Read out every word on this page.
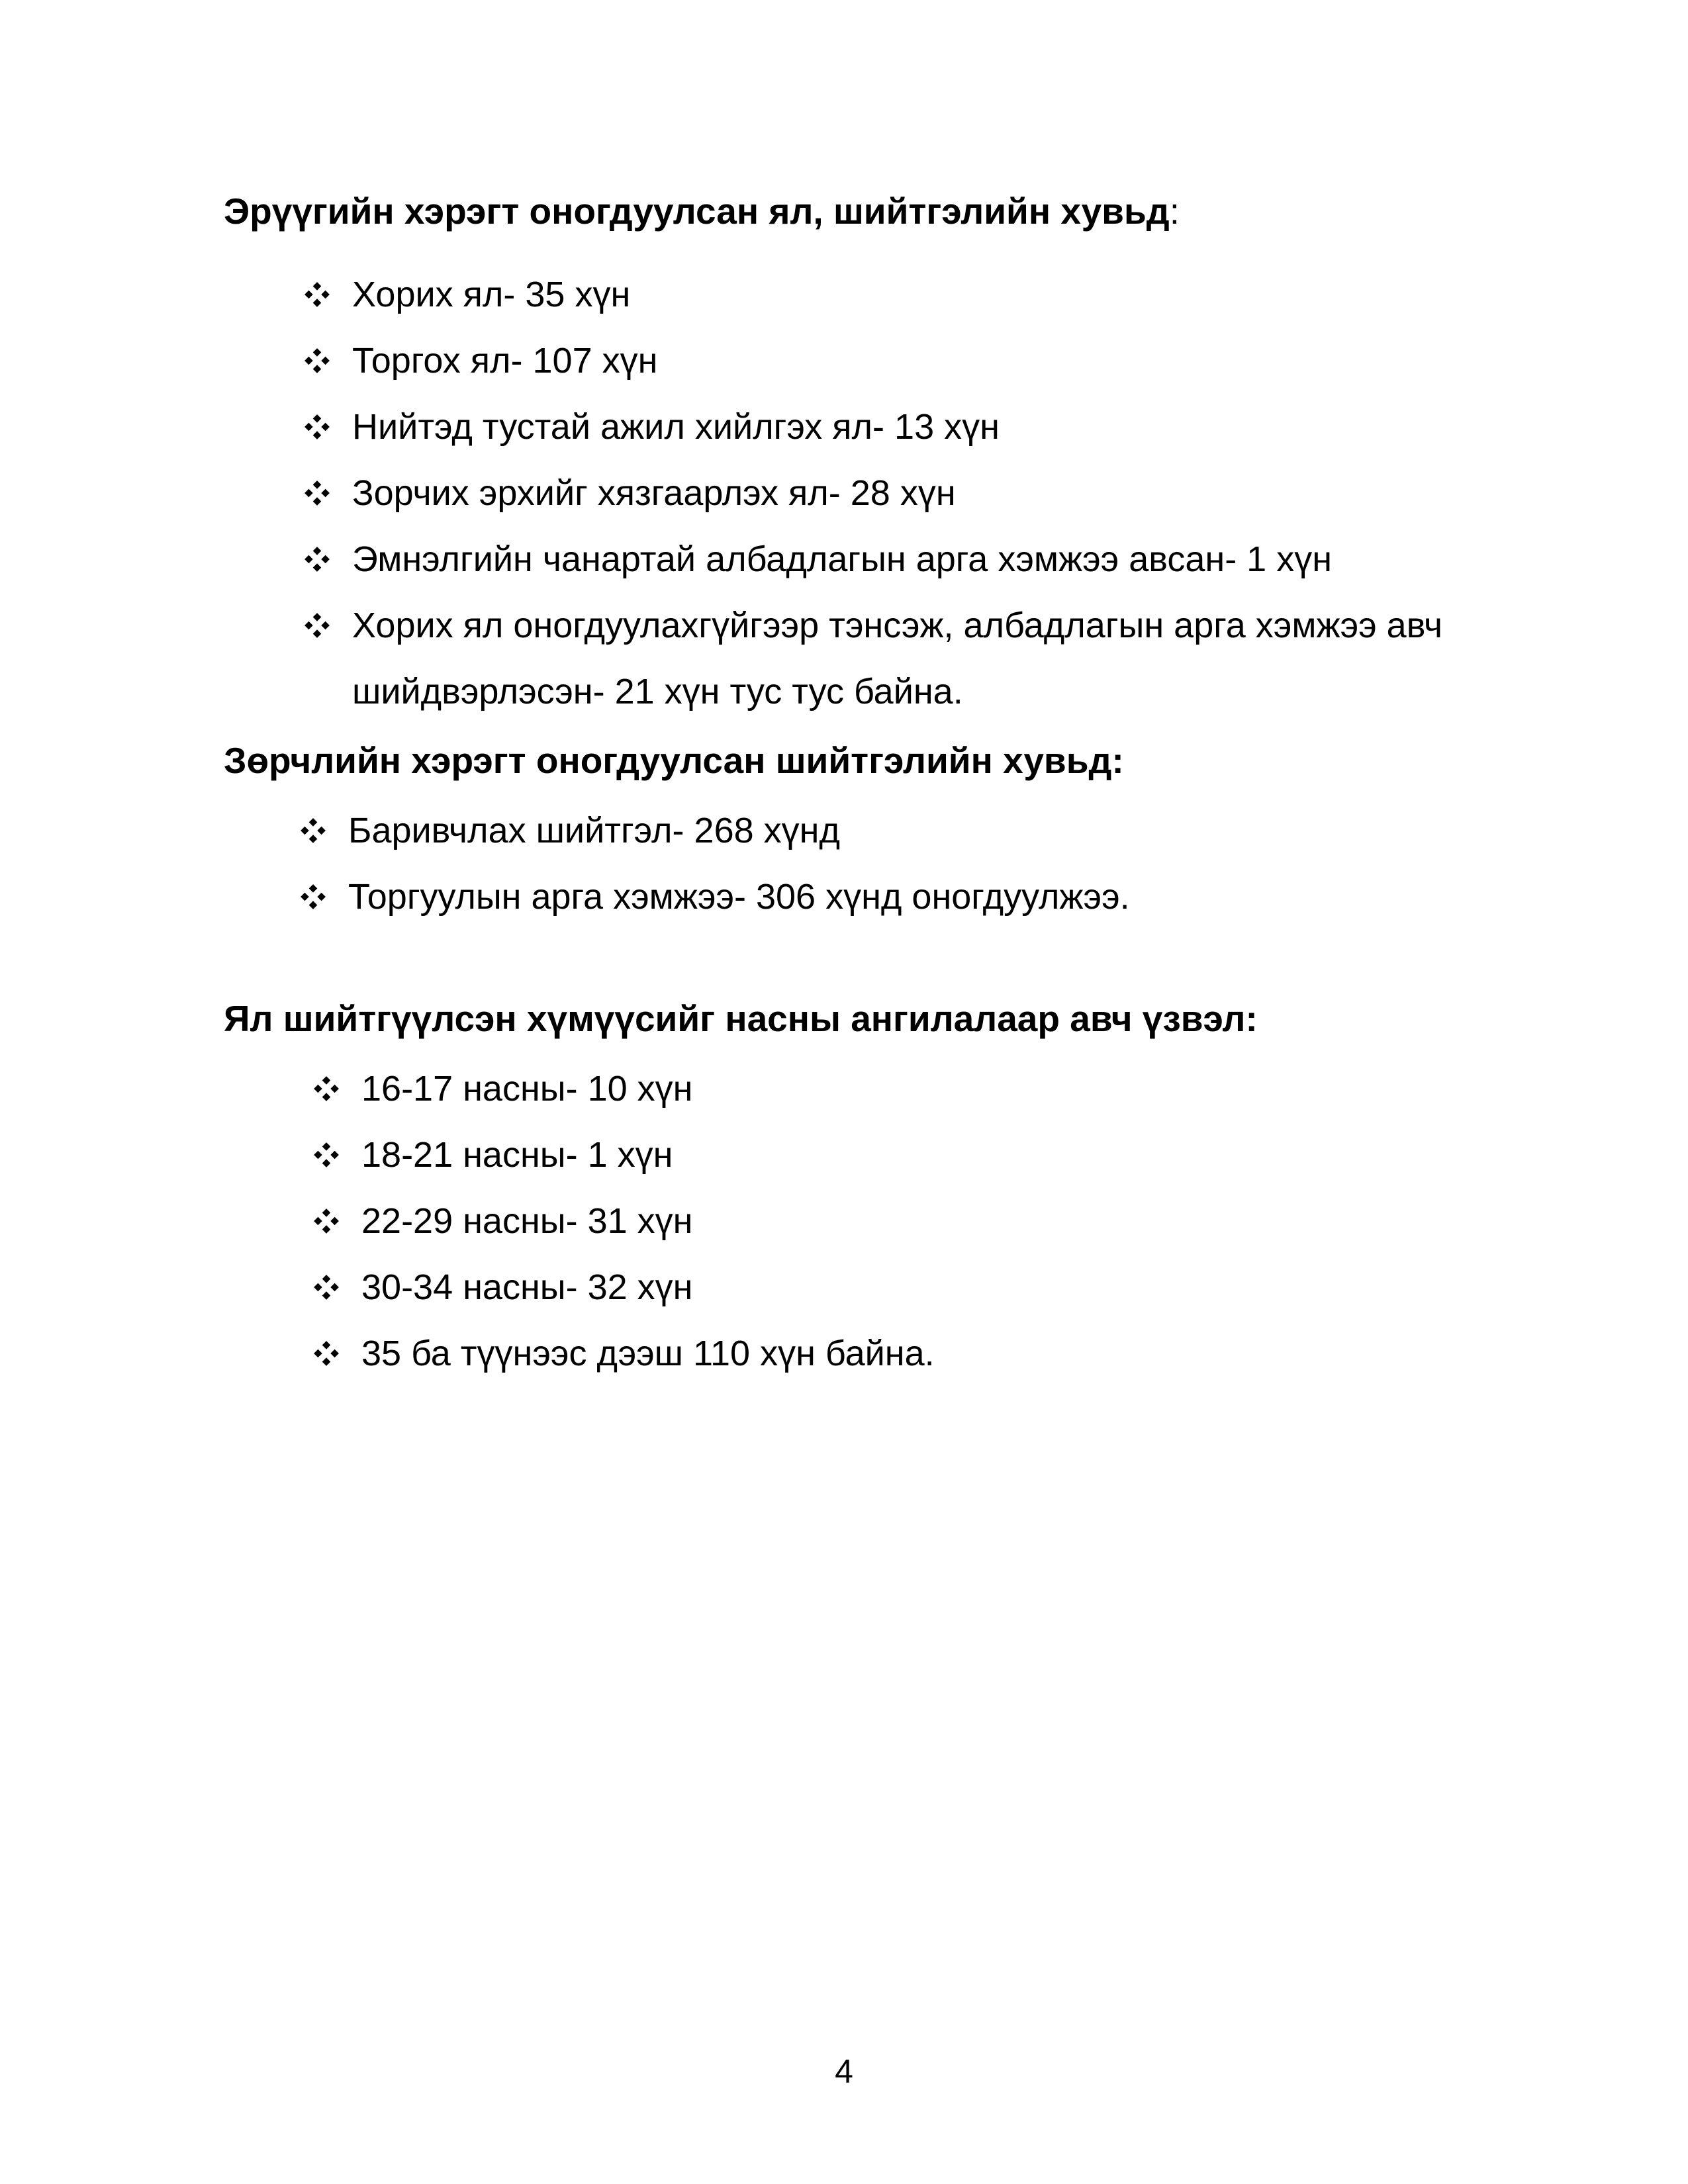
Эрүүгийн хэрэгт оногдуулсан ял, шийтгэлийн хувьд:
Хорих ял- 35 хүн
Торгох ял- 107 хүн
Нийтэд тустай ажил хийлгэх ял- 13 хүн
Зорчих эрхийг хязгаарлэх ял- 28 хүн
Эмнэлгийн чанартай албадлагын арга хэмжээ авсан- 1 хүн
Хорих ял оногдуулахгүйгээр тэнсэж, албадлагын арга хэмжээ авч шийдвэрлэсэн- 21 хүн тус тус байна.
Зөрчлийн хэрэгт оногдуулсан шийтгэлийн хувьд:
Баривчлах шийтгэл- 268 хүнд
Торгуулын арга хэмжээ- 306 хүнд оногдуулжээ.
Ял шийтгүүлсэн хүмүүсийг насны ангилалаар авч үзвэл:
16-17 насны- 10 хүн
18-21 насны- 1 хүн
22-29 насны- 31 хүн
30-34 насны- 32 хүн
35 ба түүнээс дээш 110 хүн байна.
4
